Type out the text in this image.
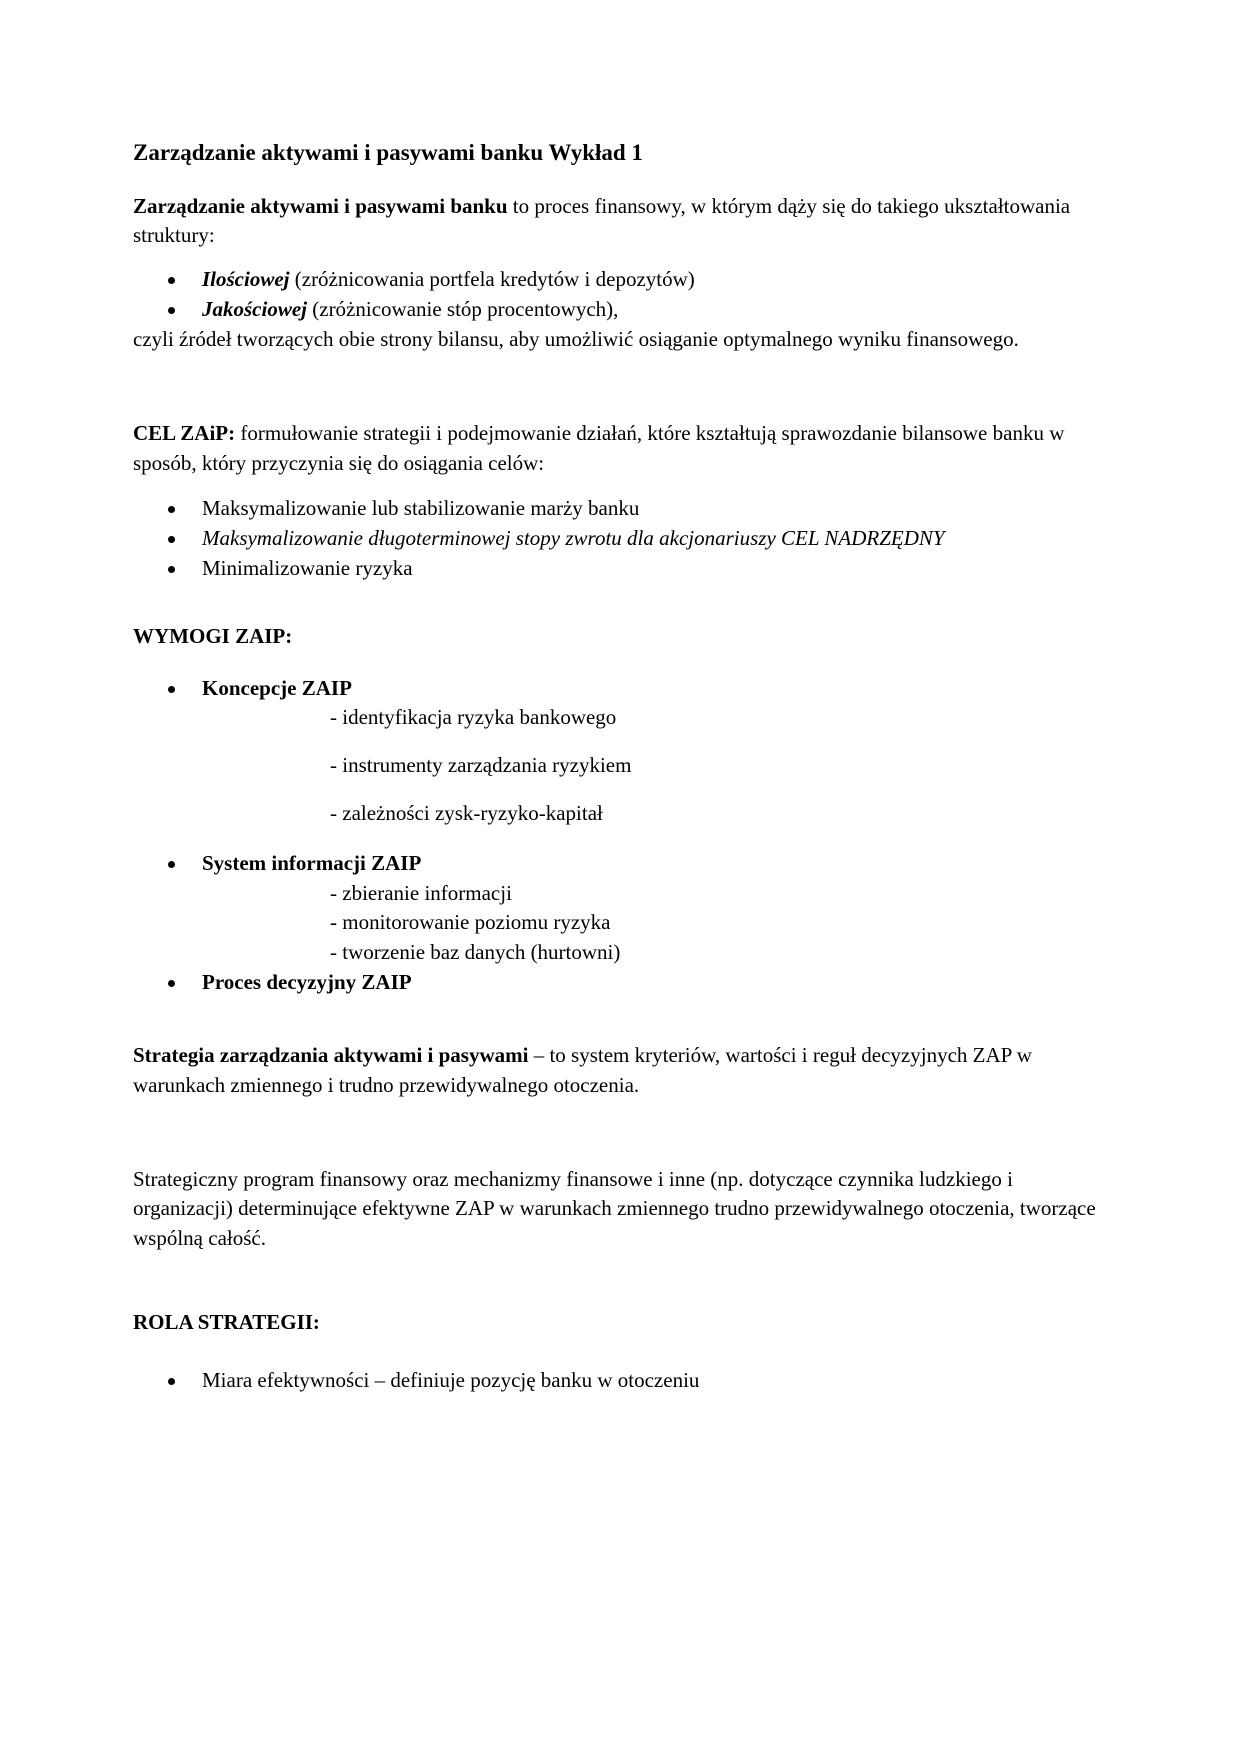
Zarządzanie aktywami i pasywami banku Wykład 1

Zarządzanie aktywami i pasywami banku to proces finansowy, w którym dąży się do takiego ukształtowania struktury:

Ilościowej (zróżnicowania portfela kredytów i depozytów)
Jakościowej (zróżnicowanie stóp procentowych),

czyli źródeł tworzących obie strony bilansu, aby umożliwić osiąganie optymalnego wyniku finansowego.

CEL ZAiP: formułowanie strategii i podejmowanie działań, które kształtują sprawozdanie bilansowe banku w sposób, który przyczynia się do osiągania celów:

Maksymalizowanie lub stabilizowanie marży banku
Maksymalizowanie długoterminowej stopy zwrotu dla akcjonariuszy CEL NADRZĘDNY
Minimalizowanie ryzyka

WYMOGI ZAIP:

Koncepcje ZAIP
- identyfikacja ryzyka bankowego
- instrumenty zarządzania ryzykiem
- zależności zysk-ryzyko-kapitał
System informacji ZAIP
- zbieranie informacji
- monitorowanie poziomu ryzyka
- tworzenie baz danych (hurtowni)
Proces decyzyjny ZAIP

Strategia zarządzania aktywami i pasywami – to system kryteriów, wartości i reguł decyzyjnych ZAP w warunkach zmiennego i trudno przewidywalnego otoczenia.

Strategiczny program finansowy oraz mechanizmy finansowe i inne (np. dotyczące czynnika ludzkiego i organizacji) determinujące efektywne ZAP w warunkach zmiennego trudno przewidywalnego otoczenia, tworzące wspólną całość.

ROLA STRATEGII:

Miara efektywności – definiuje pozycję banku w otoczeniu
